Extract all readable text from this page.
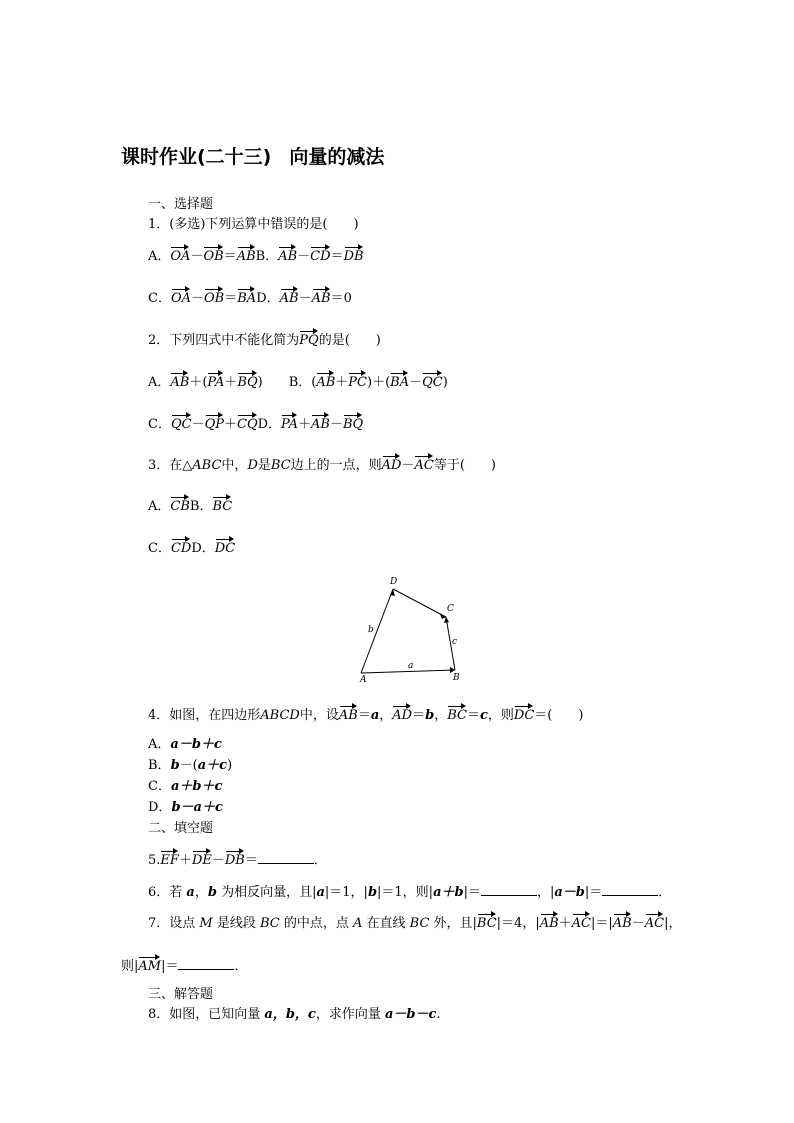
课时作业(二十三) 向量的减法
一、选择题
1．(多选)下列运算中错误的是(　　)
A．OA－OB＝ABB．AB－CD＝DB
C．OA－OB＝BAD．AB－AB＝0
2．下列四式中不能化简为PQ的是(　　)
A．AB＋(PA＋BQ) B．(AB＋PC)＋(BA－QC)
C．QC－QP＋CQD．PA＋AB－BQ
3．在△ABC中，D是BC边上的一点，则AD－AC等于(　　)
A．CBB．BC
C．CDD．DC
A	B
C
D
a
b
c
4．如图，在四边形ABCD中，设AB＝a，AD＝b，BC＝c，则DC＝(　　)
A．a－b＋c
B．b－(a＋c)
C．a＋b＋c
D．b－a＋c
二、填空题
5.EF＋DE－DB＝	．
6．若 a，b 为相反向量，且|a|＝1，|b|＝1，则|a＋b|＝	，|a－b|＝	．
7．设点 M 是线段 BC 的中点，点 A 在直线 BC 外，且|BC|＝4，|AB＋AC|＝|AB－AC|，
则|AM|＝	．
三、解答题
8．如图，已知向量 a，b，c，求作向量 a－b－c.
